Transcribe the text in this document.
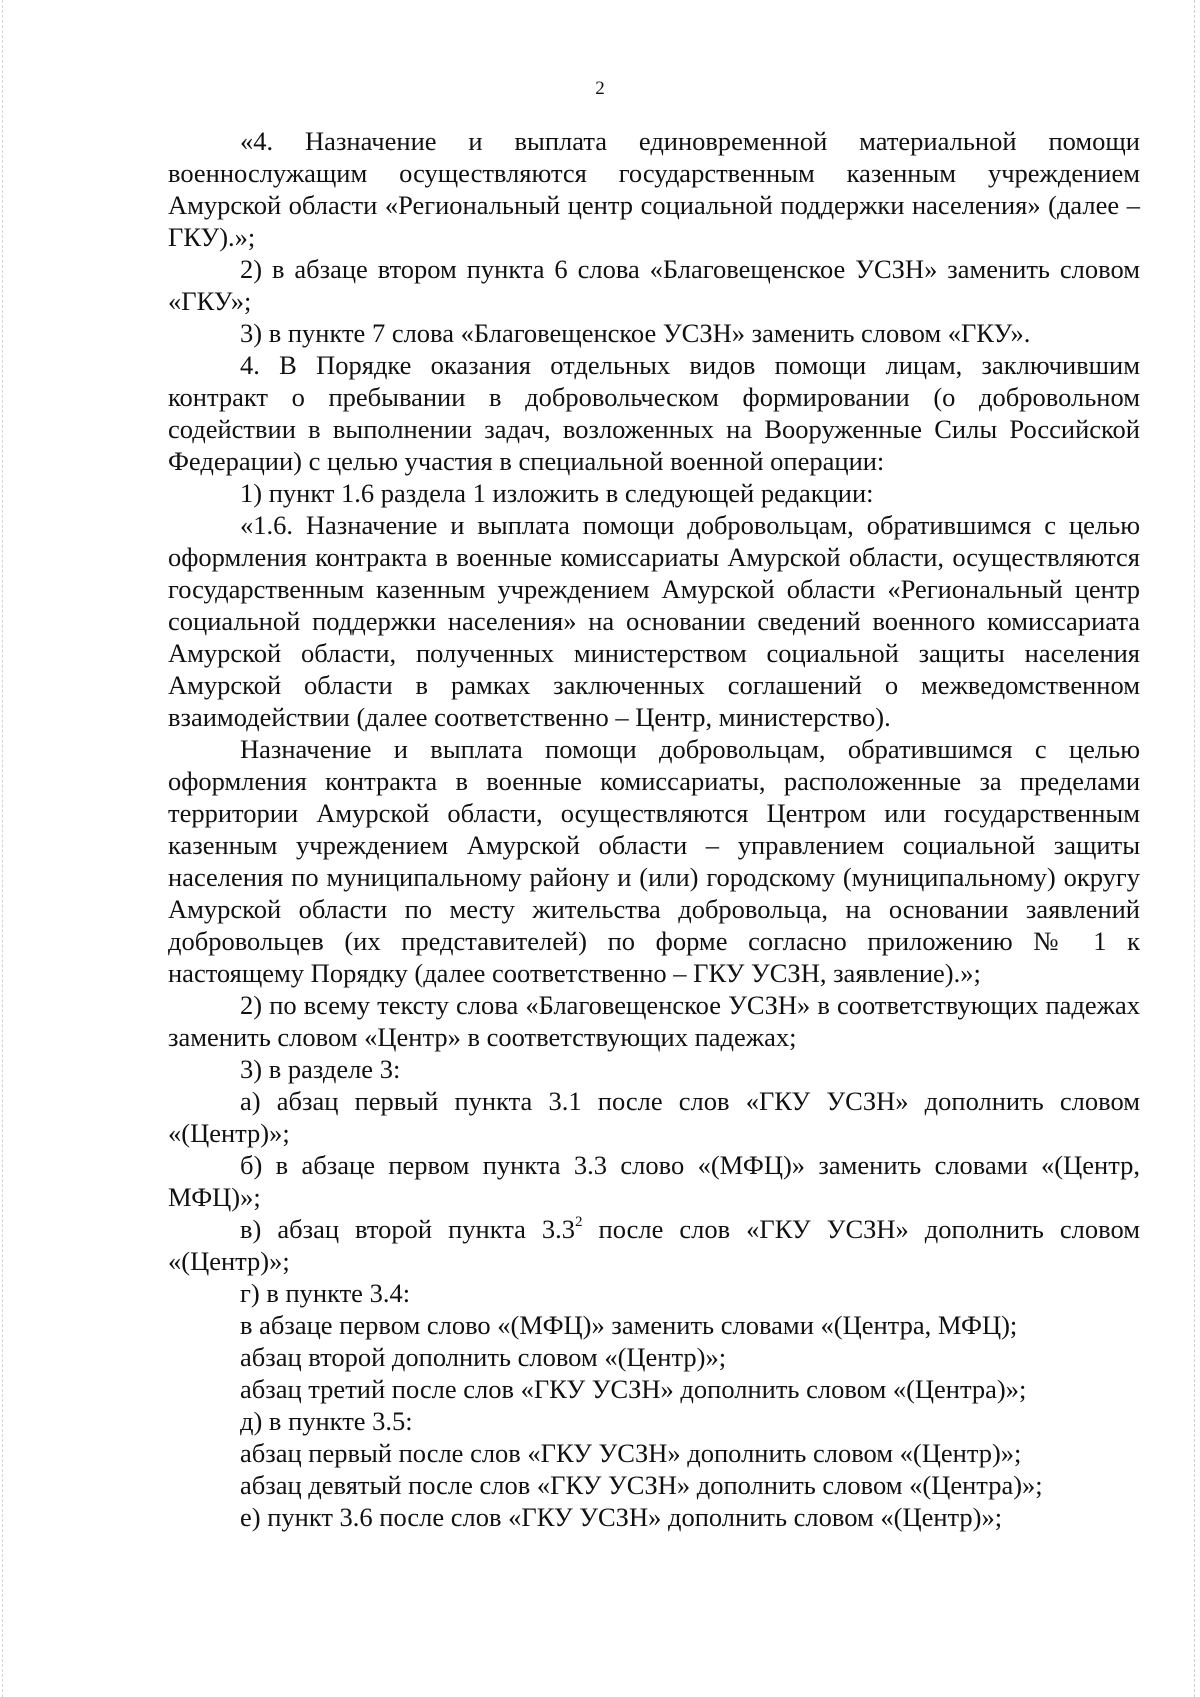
2

«4. Назначение и выплата единовременной материальной помощи военнослужащим осуществляются государственным казенным учреждением Амурской области «Региональный центр социальной поддержки населения» (далее – ГКУ).»;

2) в абзаце втором пункта 6 слова «Благовещенское УСЗН» заменить словом «ГКУ»;

3) в пункте 7 слова «Благовещенское УСЗН» заменить словом «ГКУ».

4. В Порядке оказания отдельных видов помощи лицам, заключившим контракт о пребывании в добровольческом формировании (о добровольном содействии в выполнении задач, возложенных на Вооруженные Силы Российской Федерации) с целью участия в специальной военной операции:

1) пункт 1.6 раздела 1 изложить в следующей редакции:

«1.6. Назначение и выплата помощи добровольцам, обратившимся с целью оформления контракта в военные комиссариаты Амурской области, осуществляются государственным казенным учреждением Амурской области «Региональный центр социальной поддержки населения» на основании сведений военного комиссариата Амурской области, полученных министерством социальной защиты населения Амурской области в рамках заключенных соглашений о межведомственном взаимодействии (далее соответственно – Центр, министерство).

Назначение и выплата помощи добровольцам, обратившимся с целью оформления контракта в военные комиссариаты, расположенные за пределами территории Амурской области, осуществляются Центром или государственным казенным учреждением Амурской области – управлением социальной защиты населения по муниципальному району и (или) городскому (муниципальному) округу Амурской области по месту жительства добровольца, на основании заявлений добровольцев (их представителей) по форме согласно приложению № 1 к настоящему Порядку (далее соответственно – ГКУ УСЗН, заявление).»;

2) по всему тексту слова «Благовещенское УСЗН» в соответствующих падежах заменить словом «Центр» в соответствующих падежах;

3) в разделе 3:

а) абзац первый пункта 3.1 после слов «ГКУ УСЗН» дополнить словом «(Центр)»;

б) в абзаце первом пункта 3.3 слово «(МФЦ)» заменить словами «(Центр, МФЦ)»;

в) абзац второй пункта $3.3^2$ после слов «ГКУ УСЗН» дополнить словом «(Центр)»;

г) в пункте 3.4:

в абзаце первом слово «(МФЦ)» заменить словами «(Центра, МФЦ);

абзац второй дополнить словом «(Центр)»;

абзац третий после слов «ГКУ УСЗН» дополнить словом «(Центра)»;

д) в пункте 3.5:

абзац первый после слов «ГКУ УСЗН» дополнить словом «(Центр)»;

абзац девятый после слов «ГКУ УСЗН» дополнить словом «(Центра)»;

е) пункт 3.6 после слов «ГКУ УСЗН» дополнить словом «(Центр)»;
